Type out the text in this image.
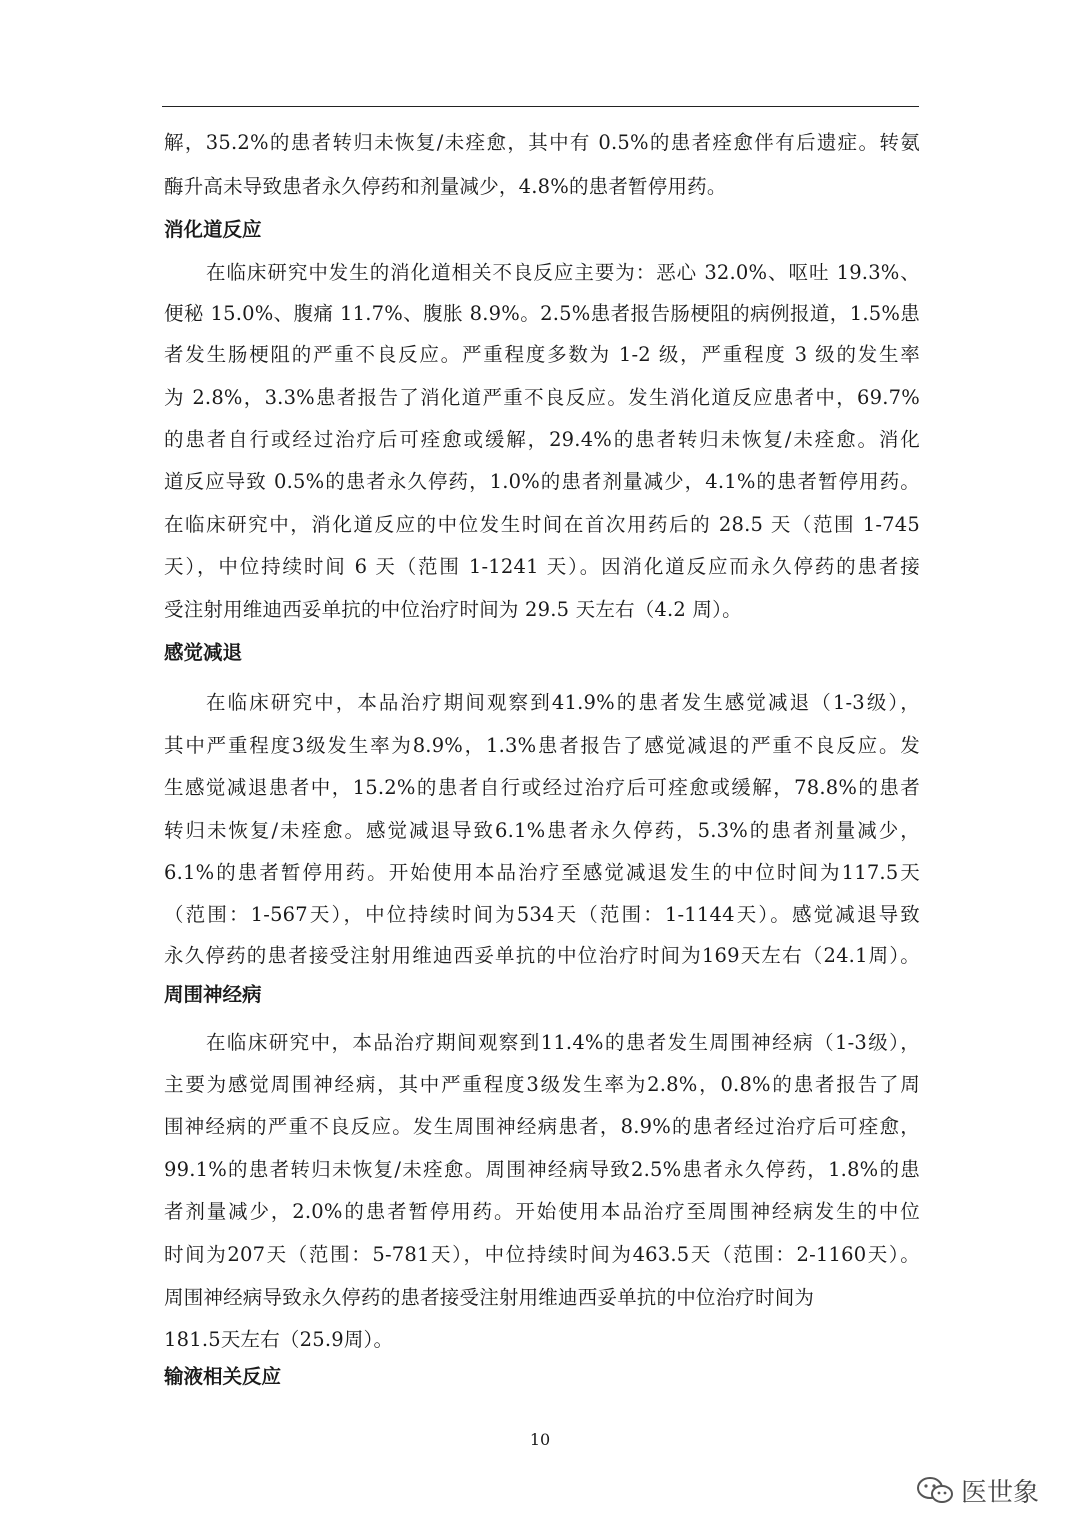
解，35.2%的患者转归未恢复/未痊愈，其中有 0.5%的患者痊愈伴有后遗症。转氨
酶升高未导致患者永久停药和剂量减少，4.8%的患者暂停用药。
消化道反应
在临床研究中发生的消化道相关不良反应主要为：恶心 32.0%、呕吐 19.3%、
便秘 15.0%、腹痛 11.7%、腹胀 8.9%。2.5%患者报告肠梗阻的病例报道，1.5%患
者发生肠梗阻的严重不良反应。严重程度多数为 1-2 级，严重程度 3 级的发生率
为 2.8%，3.3%患者报告了消化道严重不良反应。发生消化道反应患者中，69.7%
的患者自行或经过治疗后可痊愈或缓解，29.4%的患者转归未恢复/未痊愈。消化
道反应导致 0.5%的患者永久停药，1.0%的患者剂量减少，4.1%的患者暂停用药。
在临床研究中，消化道反应的中位发生时间在首次用药后的 28.5 天（范围 1-745
天），中位持续时间 6 天（范围 1-1241 天）。因消化道反应而永久停药的患者接
受注射用维迪西妥单抗的中位治疗时间为 29.5 天左右（4.2 周）。
感觉减退
在临床研究中，本品治疗期间观察到41.9%的患者发生感觉减退（1-3级），
其中严重程度3级发生率为8.9%，1.3%患者报告了感觉减退的严重不良反应。发
生感觉减退患者中，15.2%的患者自行或经过治疗后可痊愈或缓解，78.8%的患者
转归未恢复/未痊愈。感觉减退导致6.1%患者永久停药，5.3%的患者剂量减少，
6.1%的患者暂停用药。开始使用本品治疗至感觉减退发生的中位时间为117.5天
（范围：1-567天），中位持续时间为534天（范围：1-1144天）。感觉减退导致
永久停药的患者接受注射用维迪西妥单抗的中位治疗时间为169天左右（24.1周）。
周围神经病
在临床研究中，本品治疗期间观察到11.4%的患者发生周围神经病（1-3级），
主要为感觉周围神经病，其中严重程度3级发生率为2.8%，0.8%的患者报告了周
围神经病的严重不良反应。发生周围神经病患者，8.9%的患者经过治疗后可痊愈，
99.1%的患者转归未恢复/未痊愈。周围神经病导致2.5%患者永久停药，1.8%的患
者剂量减少，2.0%的患者暂停用药。开始使用本品治疗至周围神经病发生的中位
时间为207天（范围：5-781天），中位持续时间为463.5天（范围：2-1160天）。
周围神经病导致永久停药的患者接受注射用维迪西妥单抗的中位治疗时间为
181.5天左右（25.9周）。
输液相关反应
10
医世象
